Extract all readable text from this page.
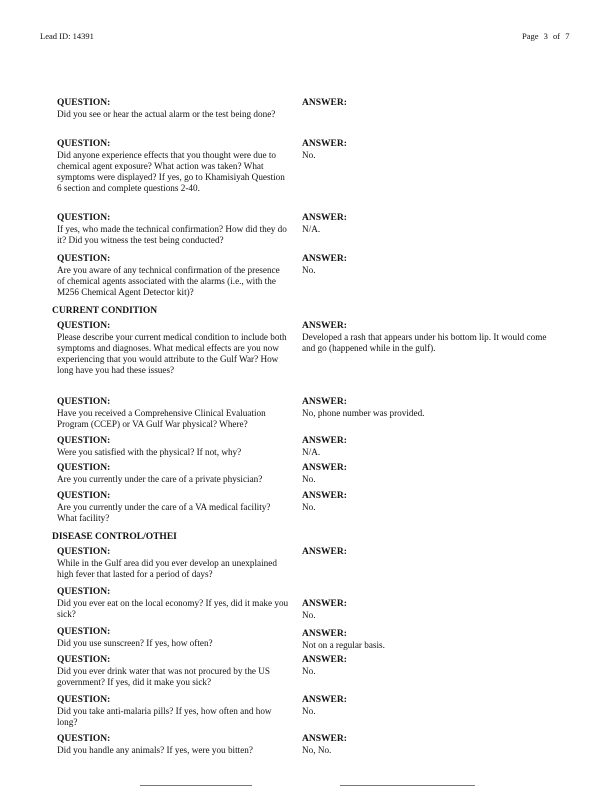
Lead ID: 14391	Page 3 of 7
QUESTION:
Did you see or hear the actual alarm or the test being done?
ANSWER:
QUESTION:
Did anyone experience effects that you thought were due to chemical agent exposure? What action was taken? What symptoms were displayed? If yes, go to Khamisiyah Question 6 section and complete questions 2-40.
ANSWER:
No.
QUESTION:
If yes, who made the technical confirmation? How did they do it? Did you witness the test being conducted?
ANSWER:
N/A.
QUESTION:
Are you aware of any technical confirmation of the presence of chemical agents associated with the alarms (i.e., with the M256 Chemical Agent Detector kit)?
ANSWER:
No.
CURRENT CONDITION
QUESTION:
Please describe your current medical condition to include both symptoms and diagnoses. What medical effects are you now experiencing that you would attribute to the Gulf War? How long have you had these issues?
ANSWER:
Developed a rash that appears under his bottom lip. It would come and go (happened while in the gulf).
QUESTION:
Have you received a Comprehensive Clinical Evaluation Program (CCEP) or VA Gulf War physical? Where?
ANSWER:
No, phone number was provided.
QUESTION:
Were you satisfied with the physical? If not, why?
ANSWER:
N/A.
QUESTION:
Are you currently under the care of a private physician?
ANSWER:
No.
QUESTION:
Are you currently under the care of a VA medical facility? What facility?
ANSWER:
No.
DISEASE CONTROL/OTHEI
QUESTION:
While in the Gulf area did you ever develop an unexplained high fever that lasted for a period of days?
ANSWER:
QUESTION:
Did you ever eat on the local economy? If yes, did it make you sick?
ANSWER:
No.
QUESTION:
Did you use sunscreen? If yes, how often?
ANSWER:
Not on a regular basis.
QUESTION:
Did you ever drink water that was not procured by the US government? If yes, did it make you sick?
ANSWER:
No.
QUESTION:
Did you take anti-malaria pills? If yes, how often and how long?
ANSWER:
No.
QUESTION:
Did you handle any animals? If yes, were you bitten?
ANSWER:
No, No.
